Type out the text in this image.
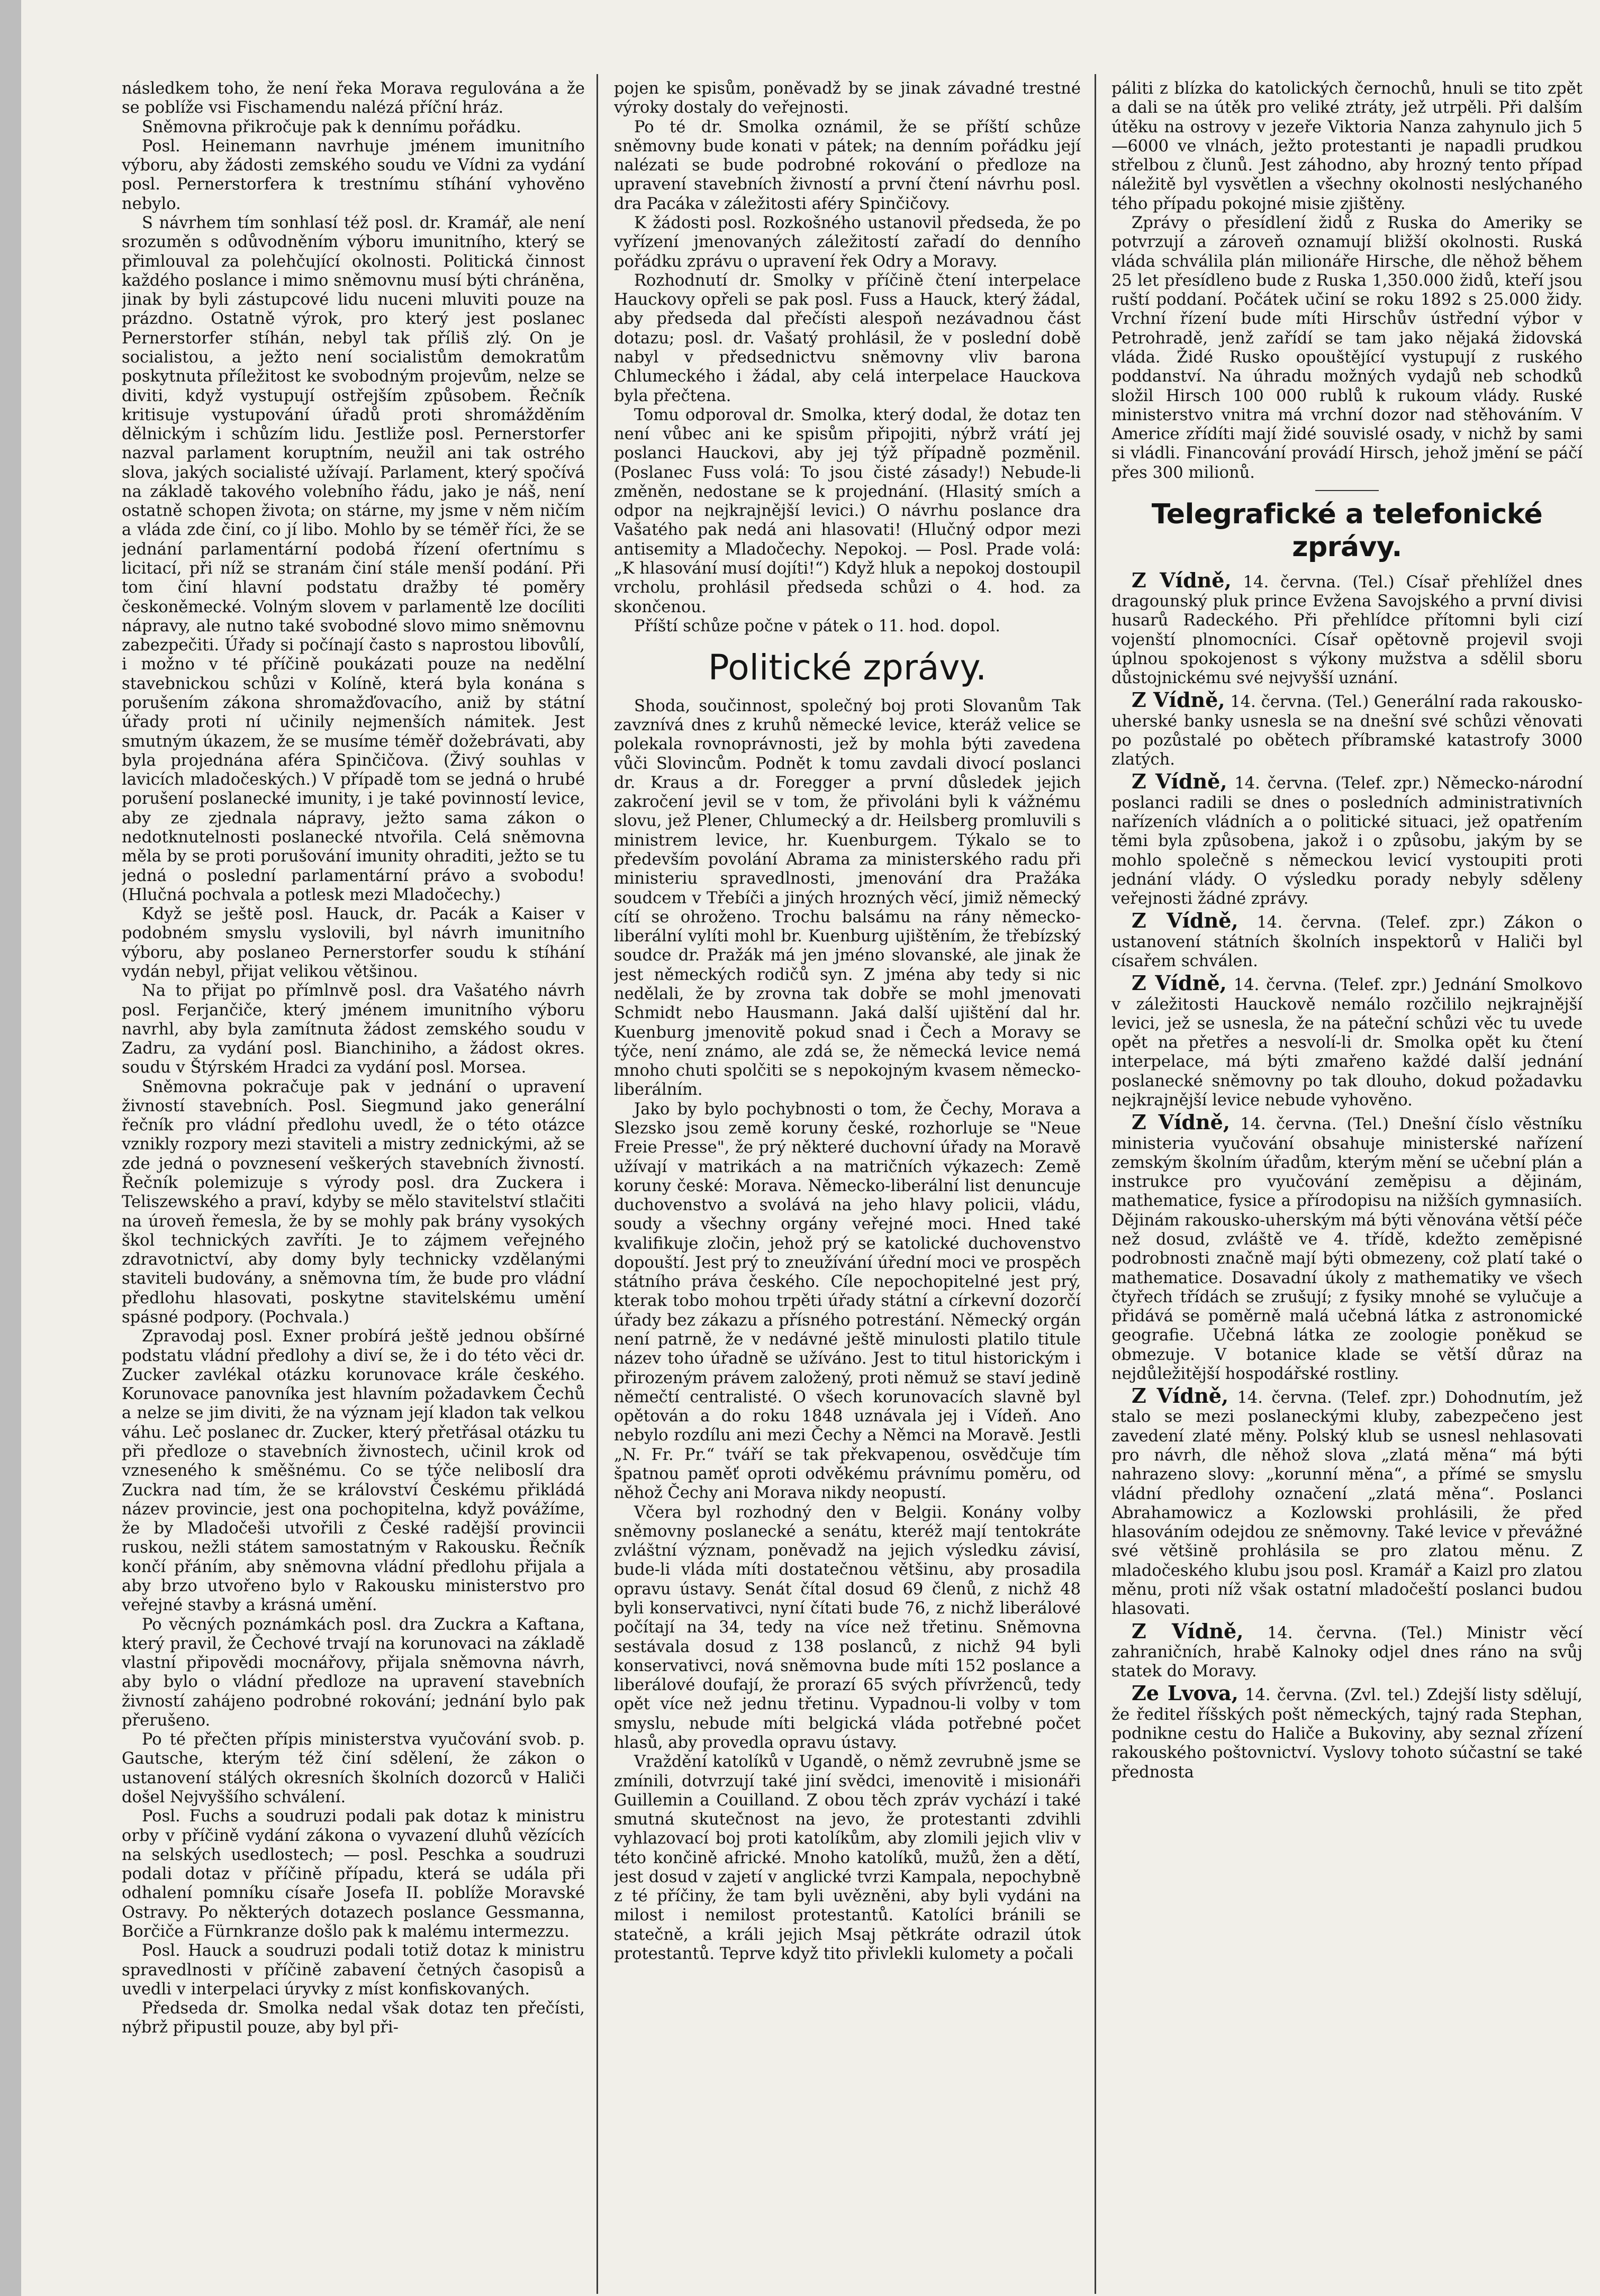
následkem toho, že není řeka Morava regulována a že se poblíže vsi Fischamendu nalézá příční hráz.

Sněmovna přikročuje pak k dennímu pořádku.

Posl. Heinemann navrhuje jménem imunitního výboru, aby žádosti zemského soudu ve Vídni za vydání posl. Pernerstorfera k trestnímu stíhání vyhověno nebylo.

S návrhem tím sonhlasí též posl. dr. Kramář, ale není srozuměn s odůvodněním výboru imunitního, který se přimlouval za polehčující okolnosti. Politická činnost každého poslance i mimo sněmovnu musí býti chráněna, jinak by byli zástupcové lidu nuceni mluviti pouze na prázdno. Ostatně výrok, pro který jest poslanec Pernerstorfer stíhán, nebyl tak příliš zlý. On je socialistou, a ježto není socialistům demokratům poskytnuta příležitost ke svobodným projevům, nelze se diviti, když vystupují ostřejším způsobem. Řečník kritisuje vystupování úřadů proti shromážděním dělnickým i schůzím lidu. Jestliže posl. Pernerstorfer nazval parlament koruptním, neužil ani tak ostrého slova, jakých socialisté užívají. Parlament, který spočívá na základě takového volebního řádu, jako je náš, není ostatně schopen života; on stárne, my jsme v něm ničím a vláda zde činí, co jí libo. Mohlo by se téměř říci, že se jednání parlamentární podobá řízení ofertnímu s licitací, při níž se stranám činí stále menší podání. Při tom činí hlavní podstatu dražby té poměry českoněmecké. Volným slovem v parlamentě lze docíliti nápravy, ale nutno také svobodné slovo mimo sněmovnu zabezpečiti. Úřady si počínají často s naprostou libovůlí, i možno v té příčině poukázati pouze na nedělní stavebnickou schůzi v Kolíně, která byla konána s porušením zákona shromažďovacího, aniž by státní úřady proti ní učinily nejmenších námitek. Jest smutným úkazem, že se musíme téměř dožebrávati, aby byla projednána aféra Spinčičova. (Živý souhlas v lavicích mladočeských.) V případě tom se jedná o hrubé porušení poslanecké imunity, i je také povinností levice, aby ze zjednala nápravy, ježto sama zákon o nedotknutelnosti poslanecké ntvořila. Celá sněmovna měla by se proti porušování imunity ohraditi, ježto se tu jedná o poslední parlamentární právo a svobodu! (Hlučná pochvala a potlesk mezi Mladočechy.)

Když se ještě posl. Hauck, dr. Pacák a Kaiser v podobném smyslu vyslovili, byl návrh imunitního výboru, aby poslaneo Pernerstorfer soudu k stíhání vydán nebyl, přijat velikou většinou.

Na to přijat po přímlnvě posl. dra Vašatého návrh posl. Ferjančiče, který jménem imunitního výboru navrhl, aby byla zamítnuta žádost zemského soudu v Zadru, za vydání posl. Bianchiniho, a žádost okres. soudu v Štýrském Hradci za vydání posl. Morsea.

Sněmovna pokračuje pak v jednání o upravení živností stavebních. Posl. Siegmund jako generální řečník pro vládní předlohu uvedl, že o této otázce vznikly rozpory mezi staviteli a mistry zednickými, až se zde jedná o povznesení veškerých stavebních živností. Řečník polemizuje s výrody posl. dra Zuckera i Teliszewského a praví, kdyby se mělo stavitelství stlačiti na úroveň řemesla, že by se mohly pak brány vysokých škol technických zavříti. Je to zájmem veřejného zdravotnictví, aby domy byly technicky vzdělanými staviteli budovány, a sněmovna tím, že bude pro vládní předlohu hlasovati, poskytne stavitelskému umění spásné podpory. (Pochvala.)

Zpravodaj posl. Exner probírá ještě jednou obšírné podstatu vládní předlohy a diví se, že i do této věci dr. Zucker zavlékal otázku korunovace krále českého. Korunovace panovníka jest hlavním požadavkem Čechů a nelze se jim diviti, že na význam její kladon tak velkou váhu. Leč poslanec dr. Zucker, který přetřásal otázku tu při předloze o stavebních živnostech, učinil krok od vzneseného k směšnému. Co se týče neliboslí dra Zuckra nad tím, že se království Českému přikládá název provincie, jest ona pochopitelna, když povážíme, že by Mladočeši utvořili z České radější provincii ruskou, nežli státem samostatným v Rakousku. Řečník končí přáním, aby sněmovna vládní předlohu přijala a aby brzo utvořeno bylo v Rakousku ministerstvo pro veřejné stavby a krásná umění.

Po věcných poznámkách posl. dra Zuckra a Kaftana, který pravil, že Čechové trvají na korunovaci na základě vlastní připovědi mocnářovy, přijala sněmovna návrh, aby bylo o vládní předloze na upravení stavebních živností zahájeno podrobné rokování; jednání bylo pak přerušeno.

Po té přečten přípis ministerstva vyučování svob. p. Gautsche, kterým též činí sdělení, že zákon o ustanovení stálých okresních školních dozorců v Haliči došel Nejvyššího schválení.

Posl. Fuchs a soudruzi podali pak dotaz k ministru orby v příčině vydání zákona o vyvazení dluhů vězících na selských usedlostech; — posl. Peschka a soudruzi podali dotaz v příčině případu, která se udála při odhalení pomníku císaře Josefa II. poblíže Moravské Ostravy. Po některých dotazech poslance Gessmanna, Borčiče a Fürnkranze došlo pak k malému intermezzu.

Posl. Hauck a soudruzi podali totiž dotaz k ministru spravedlnosti v příčině zabavení četných časopisů a uvedli v interpelaci úryvky z míst konfiskovaných.

Předseda dr. Smolka nedal však dotaz ten přečísti, nýbrž připustil pouze, aby byl při-

pojen ke spisům, poněvadž by se jinak závadné trestné výroky dostaly do veřejnosti.

Po té dr. Smolka oznámil, že se příští schůze sněmovny bude konati v pátek; na denním pořádku její nalézati se bude podrobné rokování o předloze na upravení stavebních živností a první čtení návrhu posl. dra Pacáka v záležitosti aféry Spinčičovy.

K žádosti posl. Rozkošného ustanovil předseda, že po vyřízení jmenovaných záležitostí zařadí do denního pořádku zprávu o upravení řek Odry a Moravy.

Rozhodnutí dr. Smolky v příčině čtení interpelace Hauckovy opřeli se pak posl. Fuss a Hauck, který žádal, aby předseda dal přečísti alespoň nezávadnou část dotazu; posl. dr. Vašatý prohlásil, že v poslední době nabyl v předsednictvu sněmovny vliv barona Chlumeckého i žádal, aby celá interpelace Hauckova byla přečtena.

Tomu odporoval dr. Smolka, který dodal, že dotaz ten není vůbec ani ke spisům připojiti, nýbrž vrátí jej poslanci Hauckovi, aby jej týž případně pozměnil. (Poslanec Fuss volá: To jsou čisté zásady!) Nebude-li změněn, nedostane se k projednání. (Hlasitý smích a odpor na nejkrajnější levici.) O návrhu poslance dra Vašatého pak nedá ani hlasovati! (Hlučný odpor mezi antisemity a Mladočechy. Nepokoj. — Posl. Prade volá: „K hlasování musí dojíti!“) Když hluk a nepokoj dostoupil vrcholu, prohlásil předseda schůzi o 4. hod. za skončenou.

Příští schůze počne v pátek o 11. hod. dopol.

Politické zprávy.

Shoda, součinnost, společný boj proti Slovanům Tak zavznívá dnes z kruhů německé levice, kteráž velice se polekala rovnoprávnosti, jež by mohla býti zavedena vůči Slovincům. Podnět k tomu zavdali divocí poslanci dr. Kraus a dr. Foregger a první důsledek jejich zakročení jevil se v tom, že přivoláni byli k vážnému slovu, jež Plener, Chlumecký a dr. Heilsberg promluvili s ministrem levice, hr. Kuenburgem. Týkalo se to především povolání Abrama za ministerského radu při ministeriu spravedlnosti, jmenování dra Pražáka soudcem v Třebíči a jiných hrozných věcí, jimiž německý cítí se ohroženo. Trochu balsámu na rány německo-liberální vylíti mohl br. Kuenburg ujištěním, že třebízský soudce dr. Pražák má jen jméno slovanské, ale jinak že jest německých rodičů syn. Z jména aby tedy si nic nedělali, že by zrovna tak dobře se mohl jmenovati Schmidt nebo Hausmann. Jaká další ujištění dal hr. Kuenburg jmenovitě pokud snad i Čech a Moravy se týče, není známo, ale zdá se, že německá levice nemá mnoho chuti spolčiti se s nepokojným kvasem německo-liberálním.

Jako by bylo pochybnosti o tom, že Čechy, Morava a Slezsko jsou země koruny české, rozhorluje se "Neue Freie Presse", že prý některé duchovní úřady na Moravě užívají v matrikách a na matričních výkazech: Země koruny české: Morava. Německo-liberální list denuncuje duchovenstvo a svolává na jeho hlavy policii, vládu, soudy a všechny orgány veřejné moci. Hned také kvalifikuje zločin, jehož prý se katolické duchovenstvo dopouští. Jest prý to zneužívání úřední moci ve prospěch státního práva českého. Cíle nepochopitelné jest prý, kterak tobo mohou trpěti úřady státní a církevní dozorčí úřady bez zákazu a přísného potrestání. Německý orgán není patrně, že v nedávné ještě minulosti platilo titule název toho úřadně se užíváno. Jest to titul historickým i přirozeným právem založený, proti němuž se staví jedině němečtí centralisté. O všech korunovacích slavně byl opětován a do roku 1848 uznávala jej i Vídeň. Ano nebylo rozdílu ani mezi Čechy a Němci na Moravě. Jestli „N. Fr. Pr.“ tváří se tak překvapenou, osvědčuje tím špatnou paměť oproti odvěkému právnímu poměru, od něhož Čechy ani Morava nikdy neopustí.

Včera byl rozhodný den v Belgii. Konány volby sněmovny poslanecké a senátu, kteréž mají tentokráte zvláštní význam, poněvadž na jejich výsledku závisí, bude-li vláda míti dostatečnou většinu, aby prosadila opravu ústavy. Senát čítal dosud 69 členů, z nichž 48 byli konservativci, nyní čítati bude 76, z nichž liberálové počítají na 34, tedy na více než třetinu. Sněmovna sestávala dosud z 138 poslanců, z nichž 94 byli konservativci, nová sněmovna bude míti 152 poslance a liberálové doufají, že prorazí 65 svých přívrženců, tedy opět více než jednu třetinu. Vypadnou-li volby v tom smyslu, nebude míti belgická vláda potřebné počet hlasů, aby provedla opravu ústavy.

Vraždění katolíků v Ugandě, o němž zevrubně jsme se zmínili, dotvrzují také jiní svědci, imenovitě i misionáři Guillemin a Couilland. Z obou těch zpráv vychází i také smutná skutečnost na jevo, že protestanti zdvihli vyhlazovací boj proti katolíkům, aby zlomili jejich vliv v této končině africké. Mnoho katolíků, mužů, žen a dětí, jest dosud v zajetí v anglické tvrzi Kampala, nepochybně z té příčiny, že tam byli uvězněni, aby byli vydáni na milost i nemilost protestantů. Katolíci bránili se statečně, a králi jejich Msaj pětkráte odrazil útok protestantů. Teprve když tito přivlekli kulomety a počali

páliti z blízka do katolických černochů, hnuli se tito zpět a dali se na útěk pro veliké ztráty, jež utrpěli. Při dalším útěku na ostrovy v jezeře Viktoria Nanza zahynulo jich 5—6000 ve vlnách, ježto protestanti je napadli prudkou střelbou z člunů. Jest záhodno, aby hrozný tento případ náležitě byl vysvětlen a všechny okolnosti neslýchaného tého případu pokojné misie zjištěny.

Zprávy o přesídlení židů z Ruska do Ameriky se potvrzují a zároveň oznamují bližší okolnosti. Ruská vláda schválila plán milionáře Hirsche, dle něhož během 25 let přesídleno bude z Ruska 1,350.000 židů, kteří jsou ruští poddaní. Počátek učiní se roku 1892 s 25.000 židy. Vrchní řízení bude míti Hirschův ústřední výbor v Petrohradě, jenž zařídí se tam jako nějaká židovská vláda. Židé Rusko opouštějící vystupují z ruského poddanství. Na úhradu možných vydajů neb schodků složil Hirsch 100 000 rublů k rukoum vlády. Ruské ministerstvo vnitra má vrchní dozor nad stěhováním. V Americe zřídíti mají židé souvislé osady, v nichž by sami si vládli. Financování provádí Hirsch, jehož jmění se páčí přes 300 milionů.

Telegrafické a telefonické zprávy.

Z Vídně, 14. června. (Tel.) Císař přehlížel dnes dragounský pluk prince Evžena Savojského a první divisi husarů Radeckého. Při přehlídce přítomni byli cizí vojenští plnomocníci. Císař opětovně projevil svoji úplnou spokojenost s výkony mužstva a sdělil sboru důstojnickému své nejvyšší uznání.

Z Vídně, 14. června. (Tel.) Generální rada rakousko-uherské banky usnesla se na dnešní své schůzi věnovati po pozůstalé po obětech příbramské katastrofy 3000 zlatých.

Z Vídně, 14. června. (Telef. zpr.) Německo-národní poslanci radili se dnes o posledních administrativních nařízeních vládních a o politické situaci, jež opatřením těmi byla způsobena, jakož i o způsobu, jakým by se mohlo společně s německou levicí vystoupiti proti jednání vlády. O výsledku porady nebyly sděleny veřejnosti žádné zprávy.

Z Vídně, 14. června. (Telef. zpr.) Zákon o ustanovení státních školních inspektorů v Haliči byl císařem schválen.

Z Vídně, 14. června. (Telef. zpr.) Jednání Smolkovo v záležitosti Hauckově nemálo rozčililo nejkrajnější levici, jež se usnesla, že na páteční schůzi věc tu uvede opět na přetřes a nesvolí-li dr. Smolka opět ku čtení interpelace, má býti zmařeno každé další jednání poslanecké sněmovny po tak dlouho, dokud požadavku nejkrajnější levice nebude vyhověno.

Z Vídně, 14. června. (Tel.) Dnešní číslo věstníku ministeria vyučování obsahuje ministerské nařízení zemským školním úřadům, kterým mění se učební plán a instrukce pro vyučování zeměpisu a dějinám, mathematice, fysice a přírodopisu na nižších gymnasiích. Dějinám rakousko-uherským má býti věnována větší péče než dosud, zvláště ve 4. třídě, kdežto zeměpisné podrobnosti značně mají býti obmezeny, což platí také o mathematice. Dosavadní úkoly z mathematiky ve všech čtyřech třídách se zrušují; z fysiky mnohé se vylučuje a přidává se poměrně malá učebná látka z astronomické geografie. Učebná látka ze zoologie poněkud se obmezuje. V botanice klade se větší důraz na nejdůležitější hospodářské rostliny.

Z Vídně, 14. června. (Telef. zpr.) Dohodnutím, jež stalo se mezi poslaneckými kluby, zabezpečeno jest zavedení zlaté měny. Polský klub se usnesl nehlasovati pro návrh, dle něhož slova „zlatá měna“ má býti nahrazeno slovy: „korunní měna“, a přímé se smyslu vládní předlohy označení „zlatá měna“. Poslanci Abrahamowicz a Kozlowski prohlásili, že před hlasováním odejdou ze sněmovny. Také levice v převážné své většině prohlásila se pro zlatou měnu. Z mladočeského klubu jsou posl. Kramář a Kaizl pro zlatou měnu, proti níž však ostatní mladočeští poslanci budou hlasovati.

Z Vídně, 14. června. (Tel.) Ministr věcí zahraničních, hrabě Kalnoky odjel dnes ráno na svůj statek do Moravy.

Ze Lvova, 14. června. (Zvl. tel.) Zdejší listy sdělují, že ředitel říšských pošt německých, tajný rada Stephan, podnikne cestu do Haliče a Bukoviny, aby seznal zřízení rakouského poštovnictví. Vyslovy tohoto súčastní se také přednosta
